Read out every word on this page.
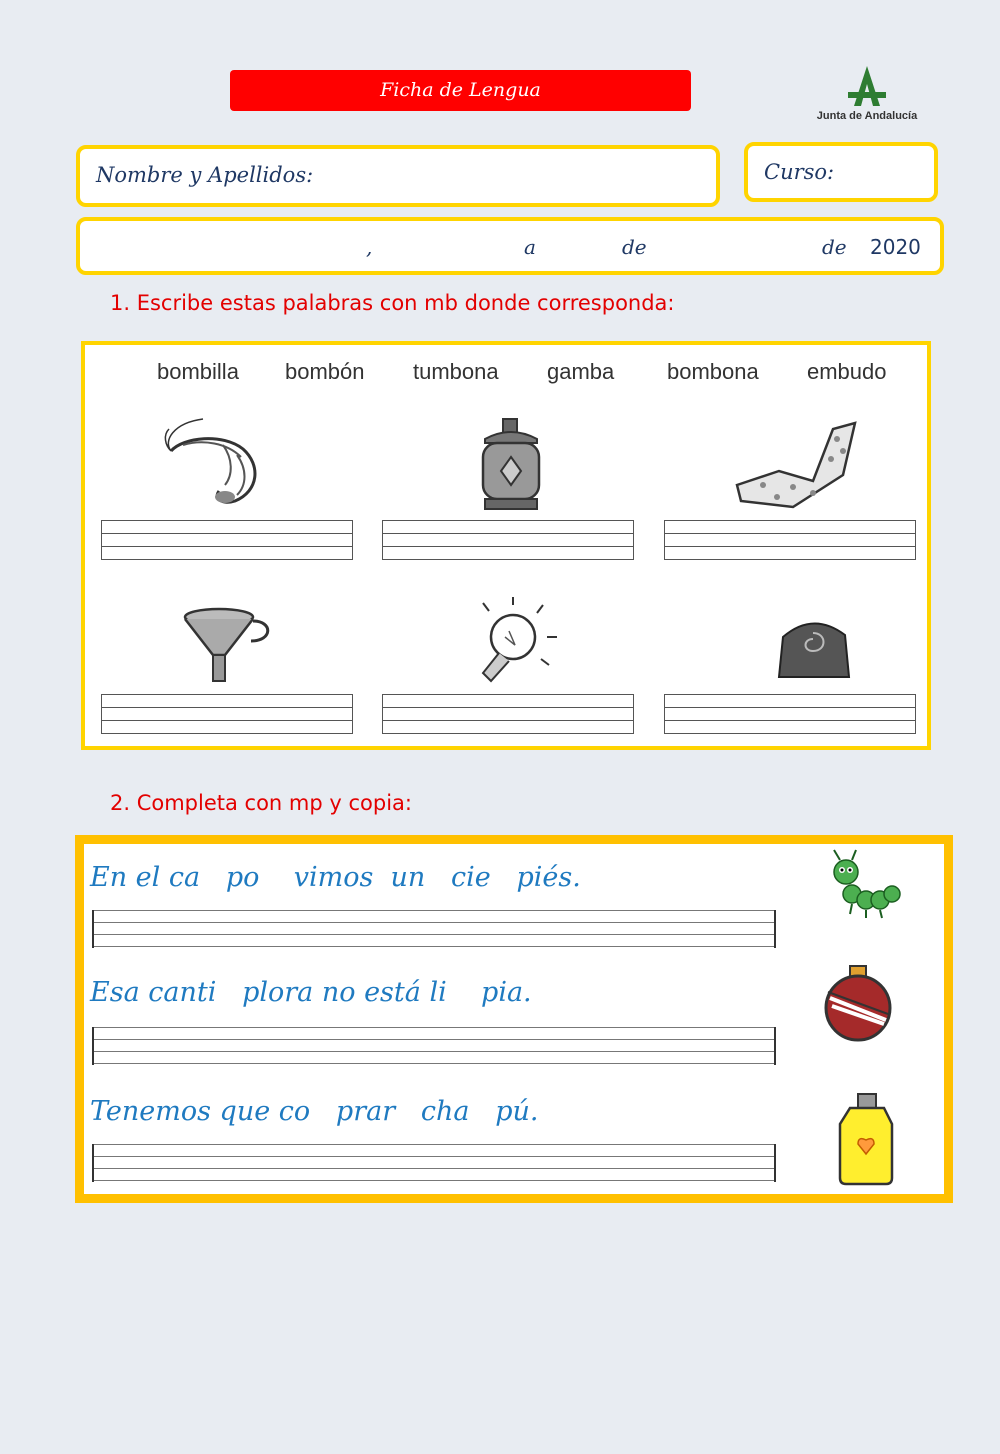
Ficha de Lengua
Junta de Andalucía
Nombre y Apellidos:	Curso:
,	a	de	de 2020
1. Escribe estas palabras con mb donde corresponda:
bombilla bombón tumbona gamba bombona embudo
2. Completa con mp y copia:
En el ca   po    vimos  un   cie   piés.
Esa canti   plora no está li    pia.
Tenemos que co   prar   cha   pú.
